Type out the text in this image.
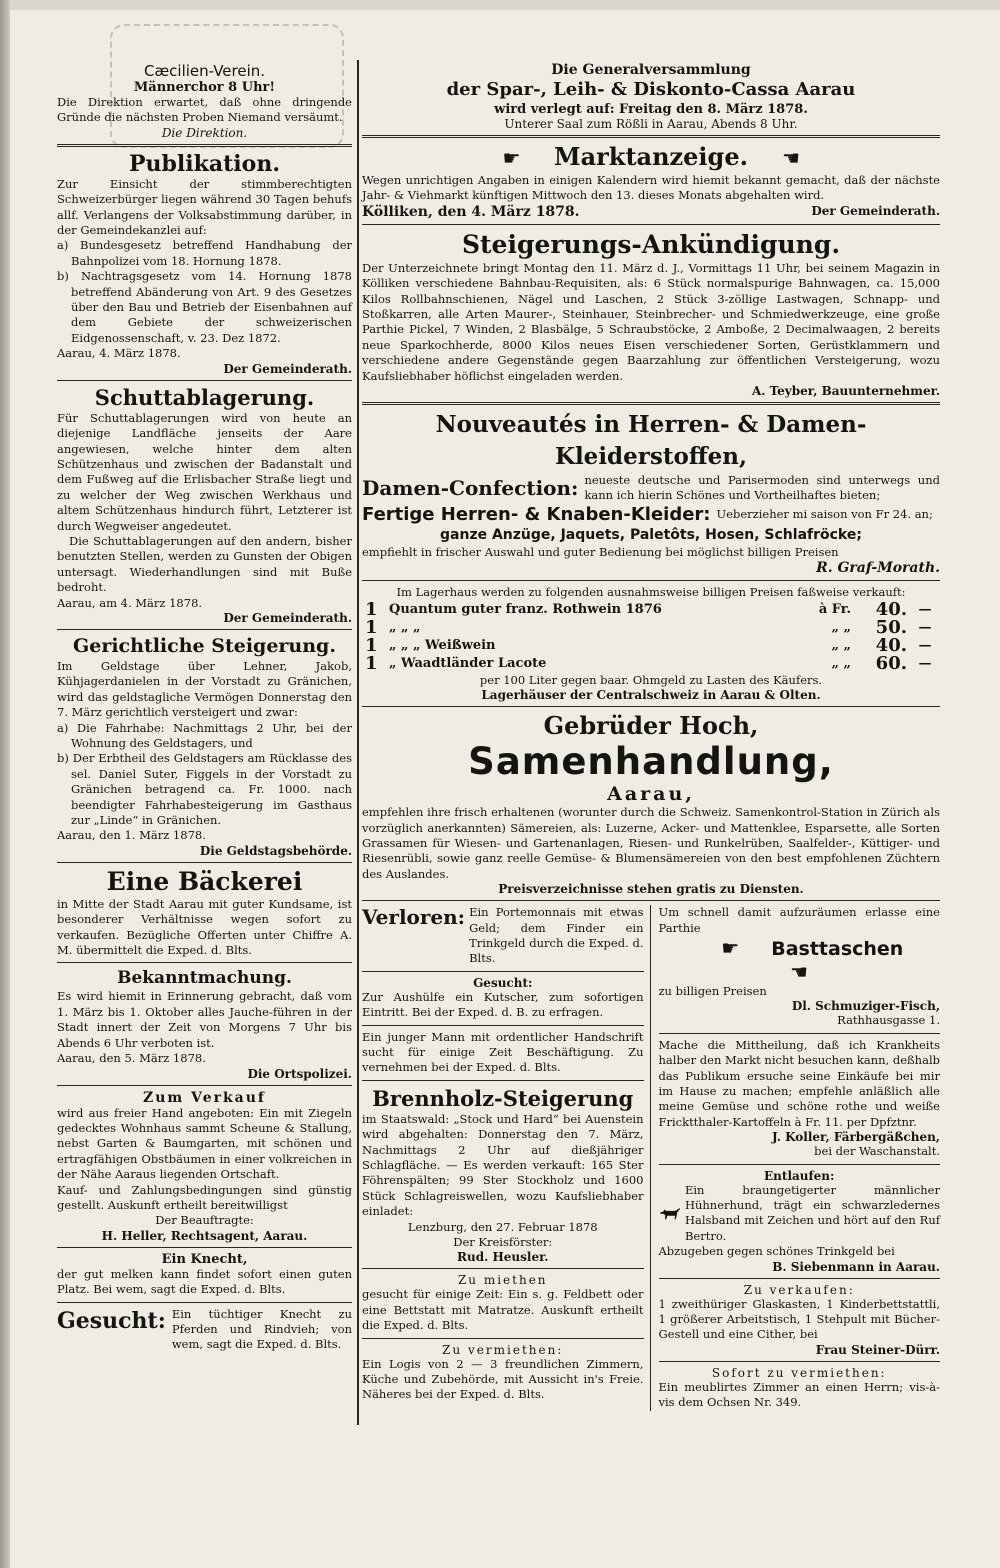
Cæcilien-Verein.
Männerchor 8 Uhr!
Die Direktion erwartet, daß ohne dringende Gründe die nächsten Proben Niemand versäumt.
Die Direktion.
Publikation.
Zur Einsicht der stimmberechtigten Schweizerbürger liegen während 30 Tagen behufs allf. Verlangens der Volksabstimmung darüber, in der Gemeindekanzlei auf:
a) Bundesgesetz betreffend Handhabung der Bahnpolizei vom 18. Hornung 1878.
b) Nachtragsgesetz vom 14. Hornung 1878 betreffend Abänderung von Art. 9 des Gesetzes über den Bau und Betrieb der Eisenbahnen auf dem Gebiete der schweizerischen Eidgenossenschaft, v. 23. Dez 1872.
Aarau, 4. März 1878.
Der Gemeinderath.
Schuttablagerung.
Für Schuttablagerungen wird von heute an diejenige Landfläche jenseits der Aare angewiesen, welche hinter dem alten Schützenhaus und zwischen der Badanstalt und dem Fußweg auf die Erlisbacher Straße liegt und zu welcher der Weg zwischen Werkhaus und altem Schützenhaus hindurch führt, Letzterer ist durch Wegweiser angedeutet.
Die Schuttablagerungen auf den andern, bisher benutzten Stellen, werden zu Gunsten der Obigen untersagt. Wiederhandlungen sind mit Buße bedroht.
Aarau, am 4. März 1878.
Der Gemeinderath.
Gerichtliche Steigerung.
Im Geldstage über Lehner, Jakob, Kühjagerdanielen in der Vorstadt zu Gränichen, wird das geldstagliche Vermögen Donnerstag den 7. März gerichtlich versteigert und zwar:
a) Die Fahrhabe: Nachmittags 2 Uhr, bei der Wohnung des Geldstagers, und
b) Der Erbtheil des Geldstagers am Rücklasse des sel. Daniel Suter, Figgels in der Vorstadt zu Gränichen betragend ca. Fr. 1000. nach beendigter Fahrhabesteigerung im Gasthaus zur „Linde“ in Gränichen.
Aarau, den 1. März 1878.
Die Geldstagsbehörde.
Eine Bäckerei
in Mitte der Stadt Aarau mit guter Kundsame, ist besonderer Verhältnisse wegen sofort zu verkaufen. Bezügliche Offerten unter Chiffre A. M. übermittelt die Exped. d. Blts.
Bekanntmachung.
Es wird hiemit in Erinnerung gebracht, daß vom 1. März bis 1. Oktober alles Jauche-führen in der Stadt innert der Zeit von Morgens 7 Uhr bis Abends 6 Uhr verboten ist.
Aarau, den 5. März 1878.
Die Ortspolizei.
Zum Verkauf
wird aus freier Hand angeboten: Ein mit Ziegeln gedecktes Wohnhaus sammt Scheune & Stallung, nebst Garten & Baumgarten, mit schönen und ertragfähigen Obstbäumen in einer volkreichen in der Nähe Aaraus liegenden Ortschaft.
Kauf- und Zahlungsbedingungen sind günstig gestellt. Auskunft ertheilt bereitwilligst
Der Beauftragte:
H. Heller, Rechtsagent, Aarau.
Ein Knecht,
der gut melken kann findet sofort einen guten Platz. Bei wem, sagt die Exped. d. Blts.
Gesucht: Ein tüchtiger Knecht zu Pferden und Rindvieh; von wem, sagt die Exped. d. Blts.
Die Generalversammlung
der Spar-, Leih- & Diskonto-Cassa Aarau
wird verlegt auf: Freitag den 8. März 1878.
Unterer Saal zum Rößli in Aarau, Abends 8 Uhr.
☛ Marktanzeige. ☛
Wegen unrichtigen Angaben in einigen Kalendern wird hiemit bekannt gemacht, daß der nächste Jahr- & Viehmarkt künftigen Mittwoch den 13. dieses Monats abgehalten wird.
Kölliken, den 4. März 1878.	Der Gemeinderath.
Steigerungs-Ankündigung.
Der Unterzeichnete bringt Montag den 11. März d. J., Vormittags 11 Uhr, bei seinem Magazin in Kölliken verschiedene Bahnbau-Requisiten, als: 6 Stück normalspurige Bahnwagen, ca. 15,000 Kilos Rollbahnschienen, Nägel und Laschen, 2 Stück 3-zöllige Lastwagen, Schnapp- und Stoßkarren, alle Arten Maurer-, Steinhauer, Steinbrecher- und Schmiedwerkzeuge, eine große Parthie Pickel, 7 Winden, 2 Blasbälge, 5 Schraubstöcke, 2 Amboße, 2 Decimalwaagen, 2 bereits neue Sparkochherde, 8000 Kilos neues Eisen verschiedener Sorten, Gerüstklammern und verschiedene andere Gegenstände gegen Baarzahlung zur öffentlichen Versteigerung, wozu Kaufsliebhaber höflichst eingeladen werden.
A. Teyber, Bauunternehmer.
Nouveautés in Herren- & Damen-Kleiderstoffen,
Damen-Confection: neueste deutsche und Parisermoden sind unterwegs und kann ich hierin Schönes und Vortheilhaftes bieten;
Fertige Herren- & Knaben-Kleider: Ueberzieher mi saison von Fr 24. an;
ganze Anzüge, Jaquets, Paletôts, Hosen, Schlafröcke;
empfiehlt in frischer Auswahl und guter Bedienung bei möglichst billigen Preisen
R. Graf-Morath.
Im Lagerhaus werden zu folgenden ausnahmsweise billigen Preisen faßweise verkauft:
1	Quantum guter franz. Rothwein 1876	à Fr.	40.	—
1	„ „ „	„ „	50.	—
1	„ „ „ Weißwein	„ „	40.	—
1	„ Waadtländer Lacote	„ „	60.	—
per 100 Liter gegen baar. Ohmgeld zu Lasten des Käufers.
Lagerhäuser der Centralschweiz in Aarau & Olten.
Gebrüder Hoch,
Samenhandlung,
Aarau,
empfehlen ihre frisch erhaltenen (worunter durch die Schweiz. Samenkontrol-Station in Zürich als vorzüglich anerkannten) Sämereien, als: Luzerne, Acker- und Mattenklee, Esparsette, alle Sorten Grassamen für Wiesen- und Gartenanlagen, Riesen- und Runkelrüben, Saalfelder-, Küttiger- und Riesenrübli, sowie ganz reelle Gemüse- & Blumensämereien von den best empfohlenen Züchtern des Auslandes.
Preisverzeichnisse stehen gratis zu Diensten.
Verloren: Ein Portemonnais mit etwas Geld; dem Finder ein Trinkgeld durch die Exped. d. Blts.
Gesucht:
Zur Aushülfe ein Kutscher, zum sofortigen Eintritt. Bei der Exped. d. B. zu erfragen.
Ein junger Mann mit ordentlicher Handschrift sucht für einige Zeit Beschäftigung. Zu vernehmen bei der Exped. d. Blts.
Brennholz-Steigerung
im Staatswald: „Stock und Hard“ bei Auenstein wird abgehalten: Donnerstag den 7. März, Nachmittags 2 Uhr auf dießjähriger Schlagfläche. — Es werden verkauft: 165 Ster Föhrenspälten; 99 Ster Stockholz und 1600 Stück Schlagreiswellen, wozu Kaufsliebhaber einladet:
Lenzburg, den 27. Februar 1878
Der Kreisförster:
Rud. Heusler.
Zu miethen
gesucht für einige Zeit: Ein s. g. Feldbett oder eine Bettstatt mit Matratze. Auskunft ertheilt die Exped. d. Blts.
Zu vermiethen:
Ein Logis von 2 — 3 freundlichen Zimmern, Küche und Zubehörde, mit Aussicht in's Freie. Näheres bei der Exped. d. Blts.
Um schnell damit aufzuräumen erlasse eine Parthie
☛ Basttaschen ☛
zu billigen Preisen
Dl. Schmuziger-Fisch,
Rathhausgasse 1.
Mache die Mittheilung, daß ich Krankheits halber den Markt nicht besuchen kann, deßhalb das Publikum ersuche seine Einkäufe bei mir im Hause zu machen; empfehle anläßlich alle meine Gemüse und schöne rothe und weiße Fricktthaler-Kartoffeln à Fr. 11. per Dpfztnr.
J. Koller, Färbergäßchen,
bei der Waschanstalt.
Entlaufen:
Ein braungetigerter männlicher Hühnerhund, trägt ein schwarzledernes Halsband mit Zeichen und hört auf den Ruf Bertro.
Abzugeben gegen schönes Trinkgeld bei
B. Siebenmann in Aarau.
Zu verkaufen:
1 zweithüriger Glaskasten, 1 Kinderbettstattli, 1 größerer Arbeitstisch, 1 Stehpult mit Bücher-Gestell und eine Cither, bei
Frau Steiner-Dürr.
Sofort zu vermiethen:
Ein meublirtes Zimmer an einen Herrn; vis-à-vis dem Ochsen Nr. 349.
